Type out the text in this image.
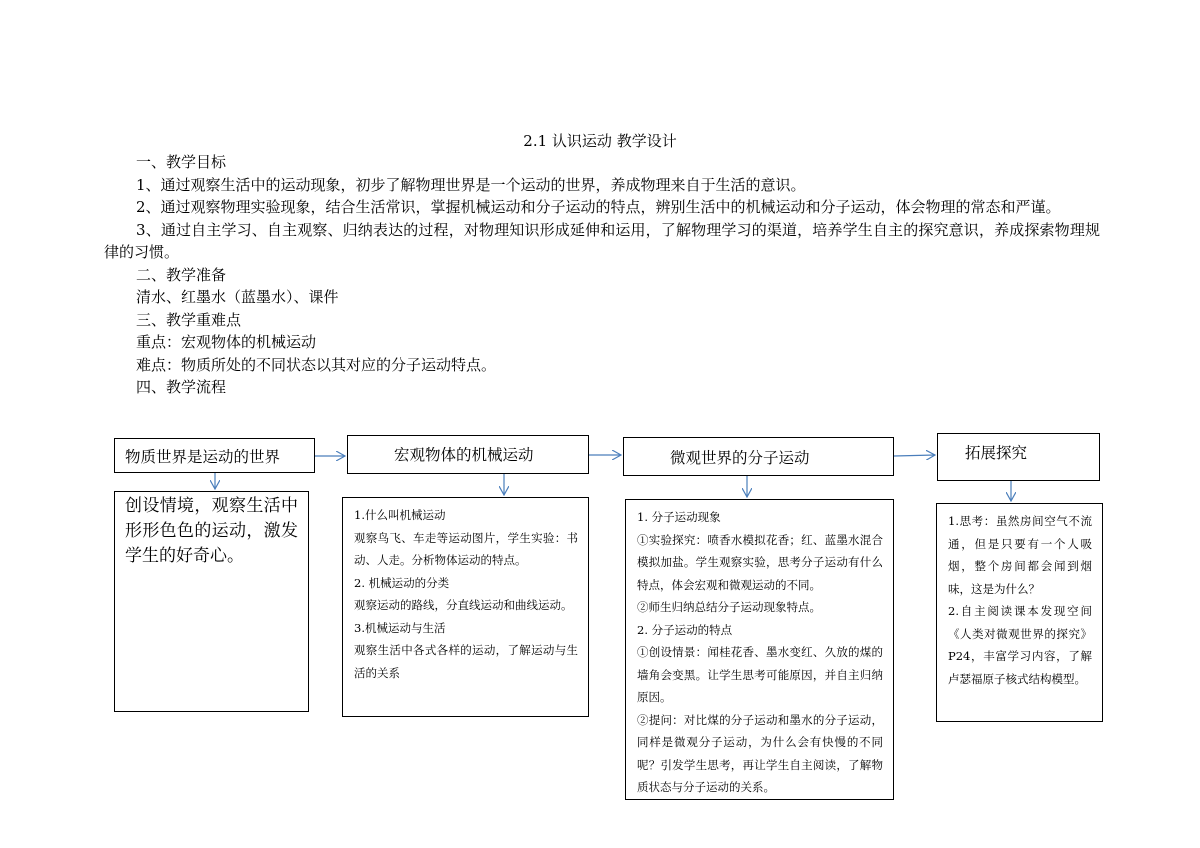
2.1 认识运动 教学设计

一、教学目标

1、通过观察生活中的运动现象，初步了解物理世界是一个运动的世界，养成物理来自于生活的意识。

2、通过观察物理实验现象，结合生活常识，掌握机械运动和分子运动的特点，辨别生活中的机械运动和分子运动，体会物理的常态和严谨。

3、通过自主学习、自主观察、归纳表达的过程，对物理知识形成延伸和运用，了解物理学习的渠道，培养学生自主的探究意识，养成探索物理规律的习惯。

二、教学准备

清水、红墨水（蓝墨水）、课件

三、教学重难点

重点：宏观物体的机械运动

难点：物质所处的不同状态以其对应的分子运动特点。

四、教学流程

物质世界是运动的世界	宏观物体的机械运动	微观世界的分子运动	拓展探究

创设情境，观察生活中形形色色的运动，激发学生的好奇心。

1.什么叫机械运动

观察鸟飞、车走等运动图片，学生实验：书动、人走。分析物体运动的特点。

2. 机械运动的分类

观察运动的路线，分直线运动和曲线运动。

3.机械运动与生活

观察生活中各式各样的运动，了解运动与生活的关系

1. 分子运动现象

①实验探究：喷香水模拟花香；红、蓝墨水混合模拟加盐。学生观察实验，思考分子运动有什么特点，体会宏观和微观运动的不同。

②师生归纳总结分子运动现象特点。

2. 分子运动的特点

①创设情景：闻桂花香、墨水变红、久放的煤的墙角会变黑。让学生思考可能原因，并自主归纳原因。

②提问：对比煤的分子运动和墨水的分子运动，同样是微观分子运动，为什么会有快慢的不同呢？引发学生思考，再让学生自主阅读，了解物质状态与分子运动的关系。

1.思考：虽然房间空气不流通，但是只要有一个人吸烟，整个房间都会闻到烟味，这是为什么？

2.自主阅读课本发现空间《人类对微观世界的探究》P24，丰富学习内容，了解卢瑟福原子核式结构模型。
